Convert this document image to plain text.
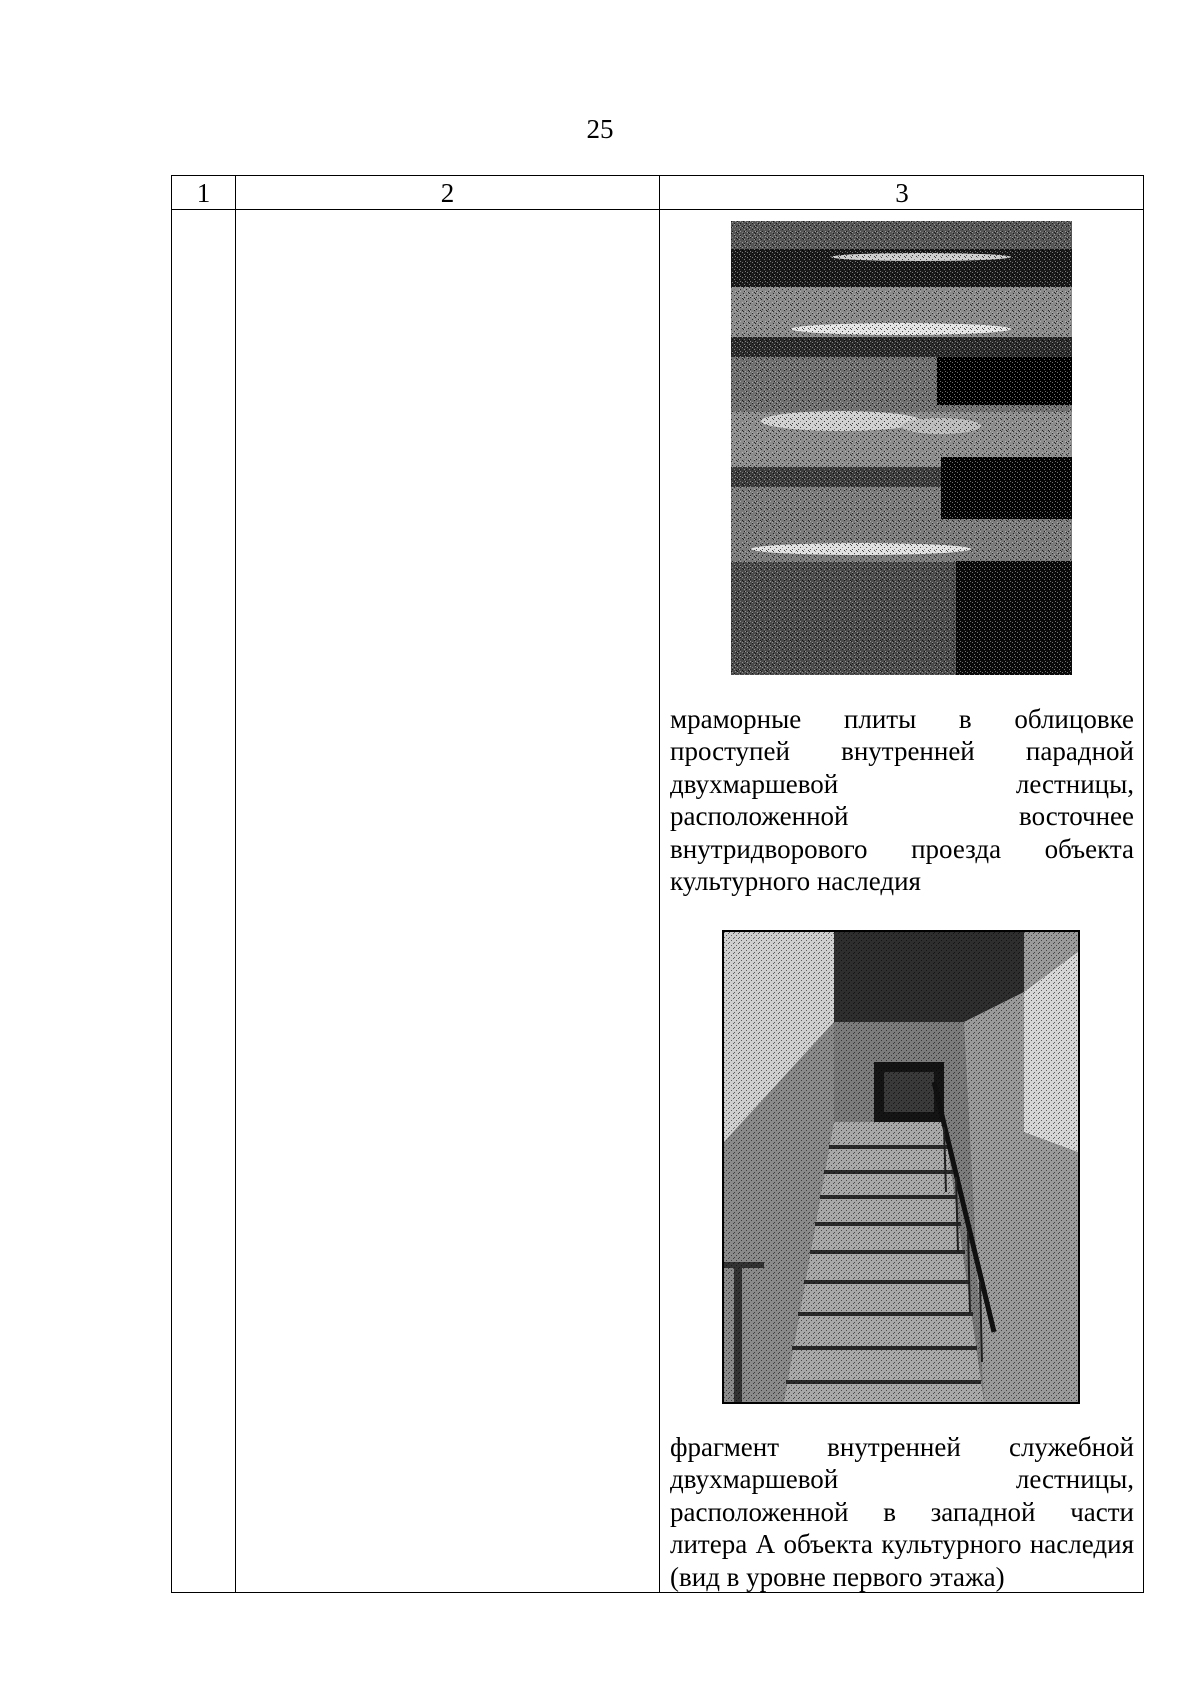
25
1	2	3
мраморные плиты в облицовке проступей внутренней парадной двухмаршевой лестницы, расположенной восточнее внутридворового проезда объекта культурного наследия
фрагмент внутренней служебной двухмаршевой лестницы, расположенной в западной части литера А объекта культурного наследия (вид в уровне первого этажа)
